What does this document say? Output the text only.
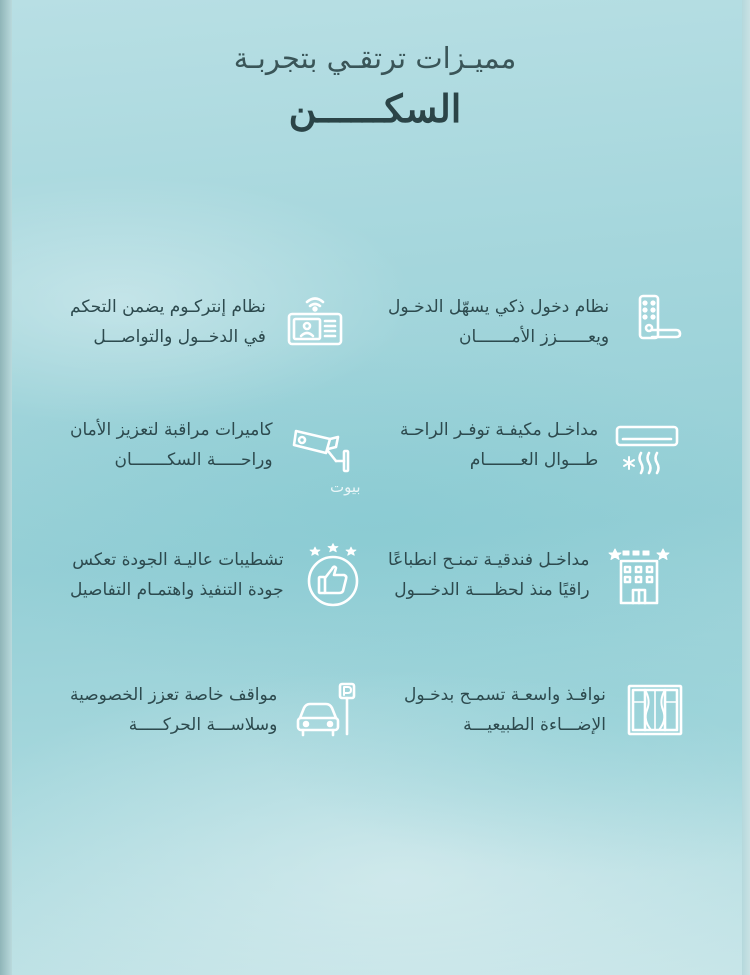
مميـزات ترتقـي بتجربـة
السكــــــن
نظام دخول ذكي يسهّل الدخـول
ويعــــــزز الأمـــــــان
نظام إنتركـوم يضمن التحكم
في الدخــول والتواصـــل
مداخـل مكيفـة توفـر الراحـة
طـــوال العـــــــام
كاميرات مراقبة لتعزيز الأمان
وراحـــــة السكـــــــان
مداخـل فندقيـة تمنـح انطباعًا
راقيًا منذ لحظــــة الدخـــول
تشطيبات عاليـة الجودة تعكس
جودة التنفيذ واهتمـام التفاصيل
نوافـذ واسعـة تسمـح بدخـول
الإضـــاءة الطبيعيـــة
مواقف خاصة تعزز الخصوصية
وسلاســـة الحركـــــة
بيوت
